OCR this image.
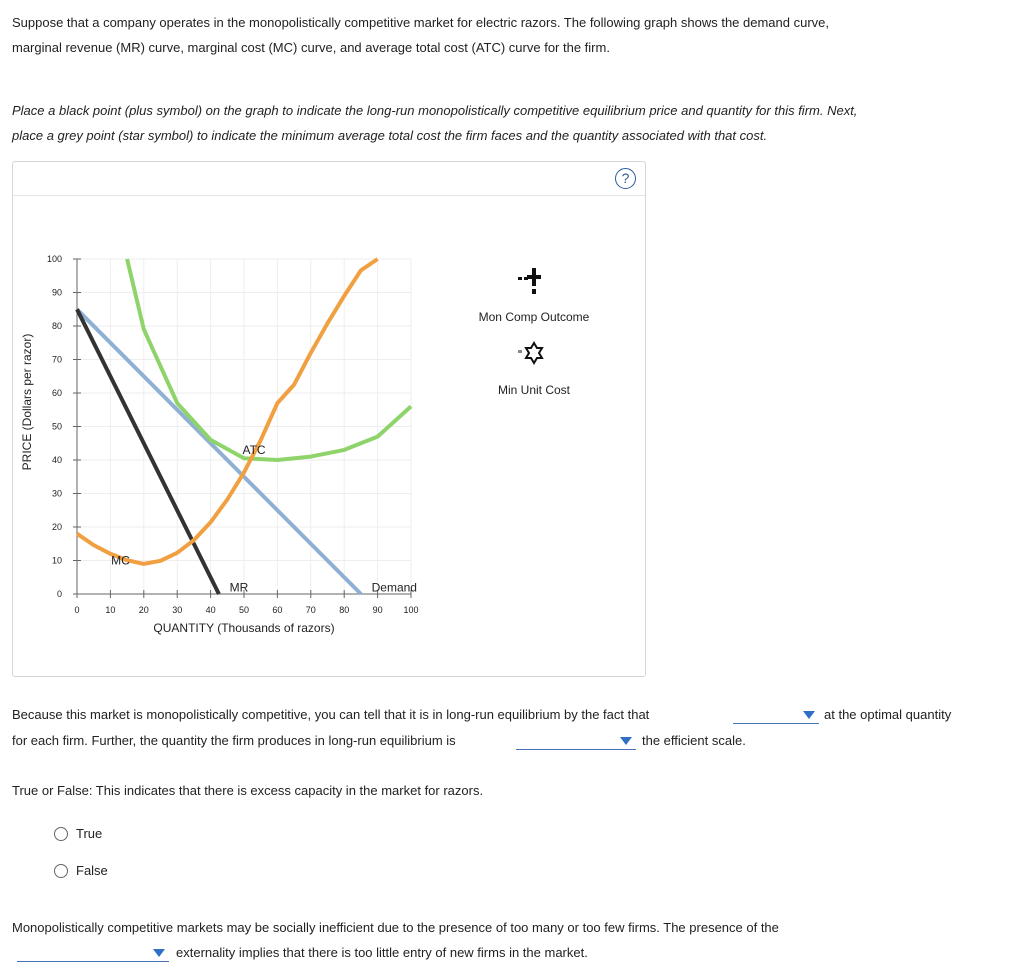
Suppose that a company operates in the monopolistically competitive market for electric razors. The following graph shows the demand curve,
marginal revenue (MR) curve, marginal cost (MC) curve, and average total cost (ATC) curve for the firm.
Place a black point (plus symbol) on the graph to indicate the long-run monopolistically competitive equilibrium price and quantity for this firm. Next,
place a grey point (star symbol) to indicate the minimum average total cost the firm faces and the quantity associated with that cost.
?
0
10
20
30
40
50
60
70
80
90
100
0	10	20	30	40	50	60	70	80	90 100
MC
ATC
MR	Demand
PRICE (Dollars per razor)
QUANTITY (Thousands of razors)
Mon Comp Outcome
Min Unit Cost
Because this market is monopolistically competitive, you can tell that it is in long-run equilibrium by the fact that	at the optimal quantity
for each firm. Further, the quantity the firm produces in long-run equilibrium is	the efficient scale.
True or False: This indicates that there is excess capacity in the market for razors.
True
False
Monopolistically competitive markets may be socially inefficient due to the presence of too many or too few firms. The presence of the
externality implies that there is too little entry of new firms in the market.
